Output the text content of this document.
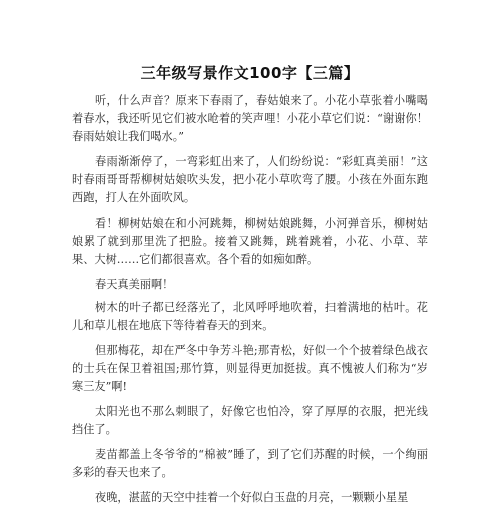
三年级写景作文100字【三篇】

听，什么声音？原来下春雨了，春姑娘来了。小花小草张着小嘴喝着春水，我还听见它们被水呛着的笑声哩！小花小草它们说：“谢谢你！春雨姑娘让我们喝水。”

春雨渐渐停了，一弯彩虹出来了，人们纷纷说：“彩虹真美丽！”这时春雨哥哥帮柳树姑娘吹头发，把小花小草吹弯了腰。小孩在外面东跑西跑，打人在外面吹风。

看！柳树姑娘在和小河跳舞，柳树姑娘跳舞，小河弹音乐，柳树姑娘累了就到那里洗了把脸。接着又跳舞，跳着跳着，小花、小草、苹果、大树……它们都很喜欢。各个看的如痴如醉。

春天真美丽啊！

树木的叶子都已经落光了，北风呼呼地吹着，扫着满地的枯叶。花儿和草儿根在地底下等待着春天的到来。

但那梅花，却在严冬中争芳斗艳;那青松，好似一个个披着绿色战衣的士兵在保卫着祖国;那竹算，则显得更加挺拔。真不愧被人们称为“岁寒三友”啊!

太阳光也不那么刺眼了，好像它也怕冷，穿了厚厚的衣服，把光线挡住了。

麦苗都盖上冬爷爷的“棉被”睡了，到了它们苏醒的时候，一个绚丽多彩的春天也来了。

夜晚，湛蓝的天空中挂着一个好似白玉盘的月亮，一颗颗小星星
